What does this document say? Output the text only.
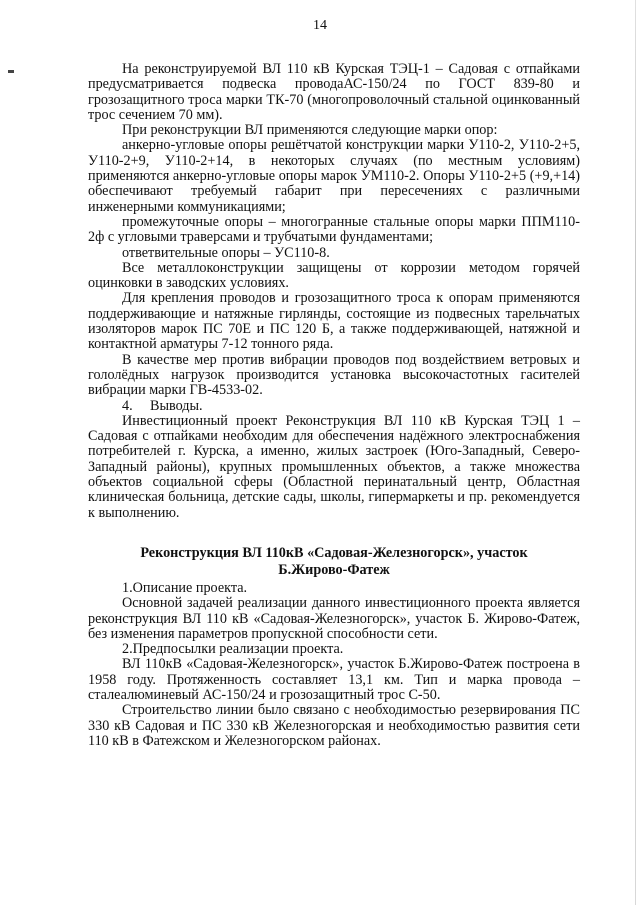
14

На реконструируемой ВЛ 110 кВ Курская ТЭЦ-1 – Садовая с отпайками предусматривается подвеска проводаАС-150/24 по ГОСТ 839-80 и грозозащитного троса марки ТК-70 (многопроволочный стальной оцинкованный трос сечением 70 мм).

При реконструкции ВЛ применяются следующие марки опор:

анкерно-угловые опоры решётчатой конструкции марки У110-2, У110-2+5, У110-2+9, У110-2+14, в некоторых случаях (по местным условиям) применяются анкерно-угловые опоры марок УМ110-2. Опоры У110-2+5 (+9,+14) обеспечивают требуемый габарит при пересечениях с различными инженерными коммуникациями;

промежуточные опоры – многогранные стальные опоры марки ППМ110-2ф с угловыми траверсами и трубчатыми фундаментами;

ответвительные опоры – УС110-8.

Все металлоконструкции защищены от коррозии методом горячей оцинковки в заводских условиях.

Для крепления проводов и грозозащитного троса к опорам применяются поддерживающие и натяжные гирлянды, состоящие из подвесных тарельчатых изоляторов марок ПС 70Е и ПС 120 Б, а также поддерживающей, натяжной и контактной арматуры 7-12 тонного ряда.

В качестве мер против вибрации проводов под воздействием ветровых и гололёдных нагрузок производится установка высокочастотных гасителей вибрации марки ГВ-4533-02.

4. Выводы.

Инвестиционный проект Реконструкция ВЛ 110 кВ Курская ТЭЦ 1 – Садовая с отпайками необходим для обеспечения надёжного электроснабжения потребителей г. Курска, а именно, жилых застроек (Юго-Западный, Северо-Западный районы), крупных промышленных объектов, а также множества объектов социальной сферы (Областной перинатальный центр, Областная клиническая больница, детские сады, школы, гипермаркеты и пр. рекомендуется к выполнению.

Реконструкция ВЛ 110кВ «Садовая-Железногорск», участок

Б.Жирово-Фатеж

1.Описание проекта.

Основной задачей реализации данного инвестиционного проекта является реконструкция ВЛ 110 кВ «Садовая-Железногорск», участок Б. Жирово-Фатеж, без изменения параметров пропускной способности сети.

2.Предпосылки реализации проекта.

ВЛ 110кВ «Садовая-Железногорск», участок Б.Жирово-Фатеж построена в 1958 году. Протяженность составляет 13,1 км. Тип и марка провода – сталеалюминевый АС-150/24 и грозозащитный трос С-50.

Строительство линии было связано с необходимостью резервирования ПС 330 кВ Садовая и ПС 330 кВ Железногорская и необходимостью развития сети 110 кВ в Фатежском и Железногорском районах.
